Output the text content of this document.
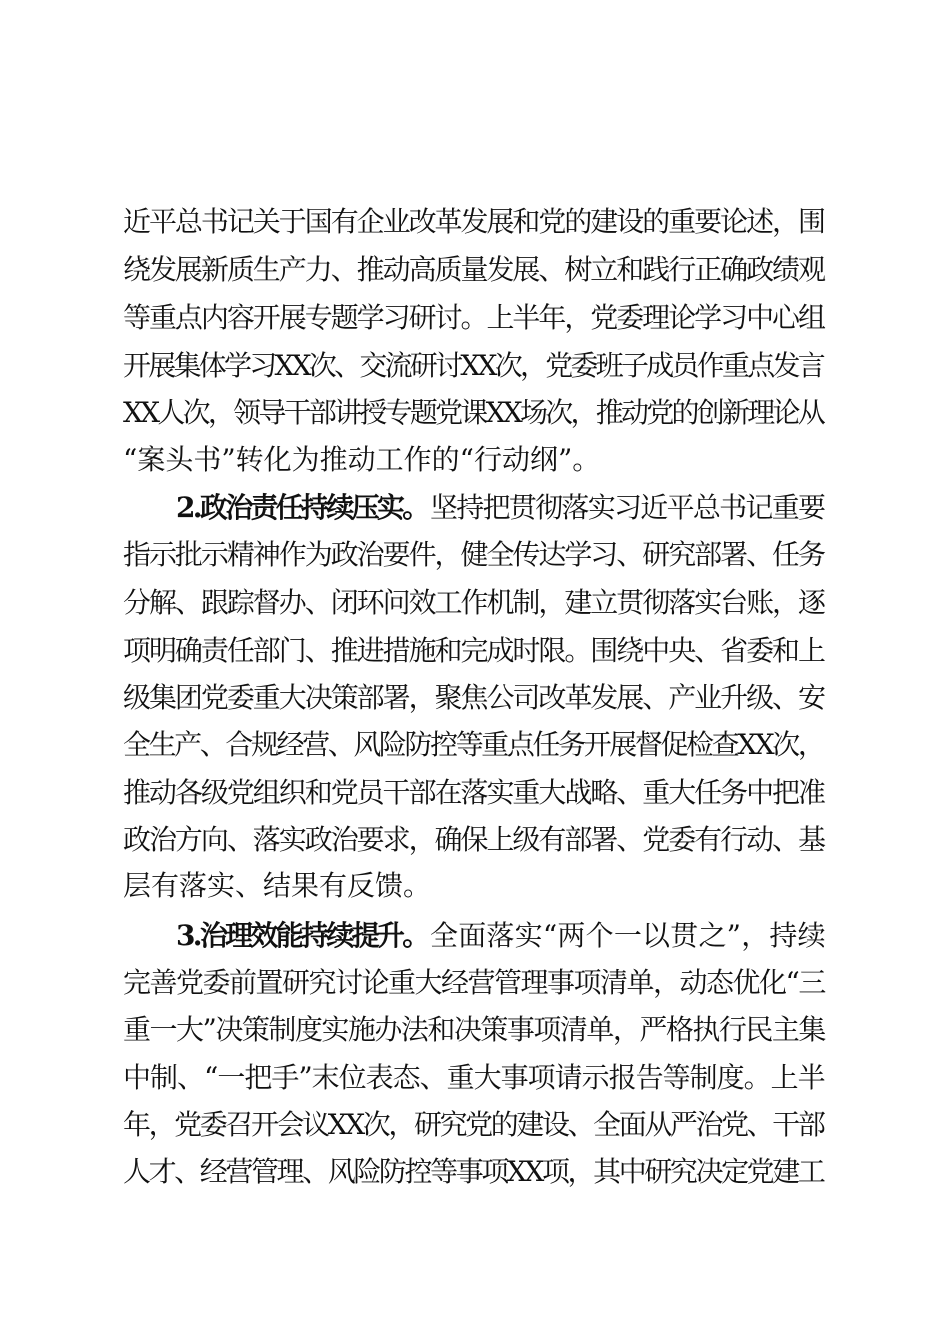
近平总书记关于国有企业改革发展和党的建设的重要论述，围
绕发展新质生产力、推动高质量发展、树立和践行正确政绩观
等重点内容开展专题学习研讨。上半年，党委理论学习中心组
开展集体学习XX次、交流研讨XX次，党委班子成员作重点发言
XX人次，领导干部讲授专题党课XX场次，推动党的创新理论从
“案头书”转化为推动工作的“行动纲”。
2.政治责任持续压实。 坚持把贯彻落实习近平总书记重要
指示批示精神作为政治要件，健全传达学习、研究部署、任务
分解、跟踪督办、闭环问效工作机制，建立贯彻落实台账，逐
项明确责任部门、推进措施和完成时限。围绕中央、省委和上
级集团党委重大决策部署，聚焦公司改革发展、产业升级、安
全生产、合规经营、风险防控等重点任务开展督促检查XX次，
推动各级党组织和党员干部在落实重大战略、重大任务中把准
政治方向、落实政治要求，确保上级有部署、党委有行动、基
层有落实、结果有反馈。
3.治理效能持续提升。 全面落实“两个一以贯之”，持续
完善党委前置研究讨论重大经营管理事项清单，动态优化“三
重一大”决策制度实施办法和决策事项清单，严格执行民主集
中制、“一把手”末位表态、重大事项请示报告等制度。上半
年，党委召开会议XX次，研究党的建设、全面从严治党、干部
人才、经营管理、风险防控等事项XX项，其中研究决定党建工
